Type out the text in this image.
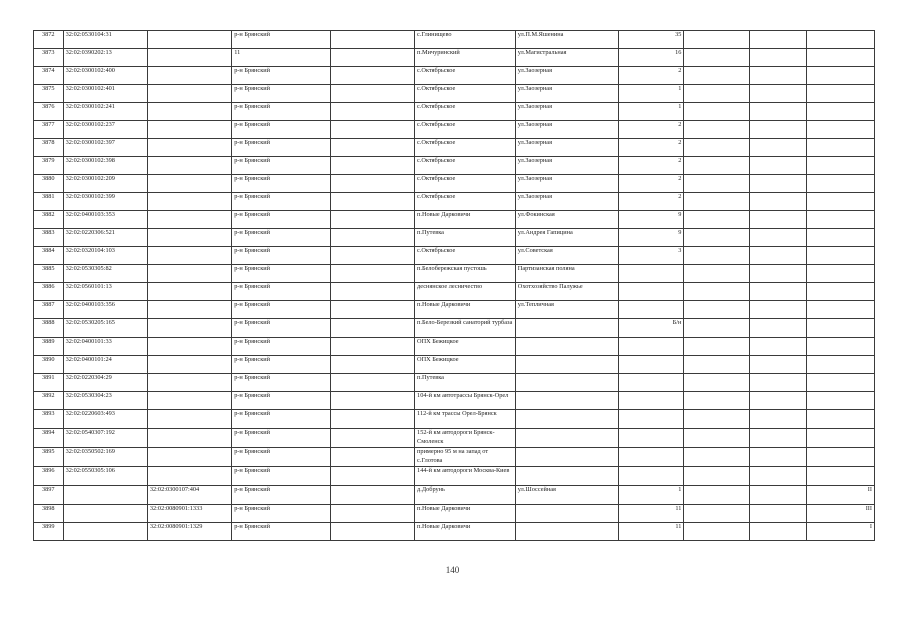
3872	32:02:0530104:31		р-н Брянский		с.Глинищево	ул.П.М.Яшенина	35			
3873	32:02:0390202:13		11		п.Мичуринский	ул.Магистральная	16			
3874	32:02:0300102:400		р-н Брянский		с.Октябрьское	ул.Заозерная	2			
3875	32:02:0300102:401		р-н Брянский		с.Октябрьское	ул.Заозерная	1			
3876	32:02:0300102:241		р-н Брянский		с.Октябрьское	ул.Заозерная	1			
3877	32:02:0300102:237		р-н Брянский		с.Октябрьское	ул.Заозерная	2			
3878	32:02:0300102:397		р-н Брянский		с.Октябрьское	ул.Заозерная	2			
3879	32:02:0300102:398		р-н Брянский		с.Октябрьское	ул.Заозерная	2			
3880	32:02:0300102:209		р-н Брянский		с.Октябрьское	ул.Заозерная	2			
3881	32:02:0300102:399		р-н Брянский		с.Октябрьское	ул.Заозерная	2			
3882	32:02:0400103:353		р-н Брянский		п.Новые Дарковичи	ул.Фокинская	9			
3883	32:02:0220306:521		р-н Брянский		п.Путевка	ул.Андрея Гапицина	9			
3884	32:02:0320104:103		р-н Брянский		с.Октябрьское	ул.Советская	3			
3885	32:02:0530305:82		р-н Брянский		п.Белобережская пустошь	Партизанская поляна				
3886	32:02:0560101:13		р-н Брянский		деснянское лесничество	Охотхозяйство Палужье				
3887	32:02:0400103:356		р-н Брянский		п.Новые Дарковичи	ул.Тепличная				
3888	32:02:0530205:165		р-н Брянский		п.Бело-Березкий санаторий турбаза		Б/н			
3889	32:02:0400101:33		р-н Брянский		ОПХ Бежицкое					
3890	32:02:0400101:24		р-н Брянский		ОПХ Бежицкое					
3891	32:02:0220304:29		р-н Брянский		п.Путевка					
3892	32:02:0530304:23		р-н Брянский		104-й км автотрассы Брянск-Орел					
3893	32:02:0220603:493		р-н Брянский		112-й км трассы Орел-Брянск					
3894	32:02:0540307:192		р-н Брянский		152-й км автодороги Брянск-Смоленск					
3895	32:02:0350502:169		р-н Брянский		примерно 95 м на запад от с.Глотова					
3896	32:02:0550305:106		р-н Брянский		144-й км автодороги Москва-Киев					
3897		32:02:0300107:404	р-н Брянский		д.Добрунь	ул.Шоссейная	1			II
3898		32:02:0080901:1333	р-н Брянский		п.Новые Дарковичи		11			III
3899		32:02:0080901:1329	р-н Брянский		п.Новые Дарковичи		11			I
140
